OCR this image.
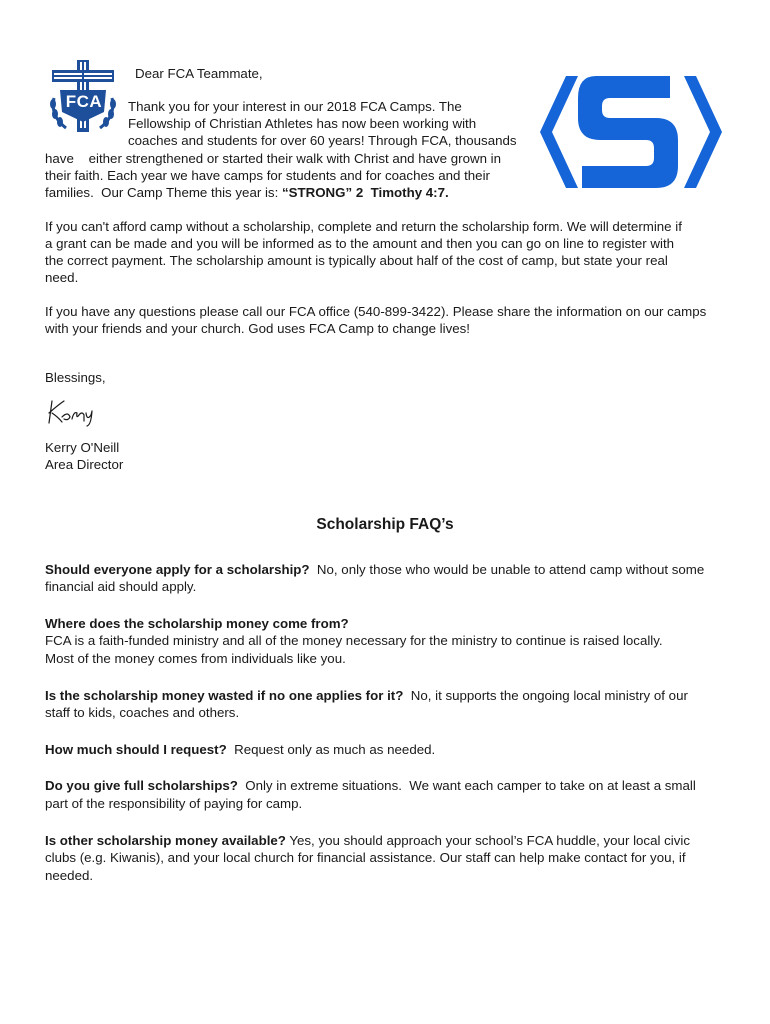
FCA
Dear FCA Teammate,
Thank you for your interest in our 2018 FCA Camps. The
Fellowship of Christian Athletes has now been working with
coaches and students for over 60 years! Through FCA, thousands
have    either strengthened or started their walk with Christ and have grown in
their faith. Each year we have camps for students and for coaches and their
families.  Our Camp Theme this year is: “STRONG” 2  Timothy 4:7.
If you can't afford camp without a scholarship, complete and return the scholarship form. We will determine if
a grant can be made and you will be informed as to the amount and then you can go on line to register with
the correct payment. The scholarship amount is typically about half of the cost of camp, but state your real
need.
If you have any questions please call our FCA office (540-899-3422). Please share the information on our camps
with your friends and your church. God uses FCA Camp to change lives!
Blessings,
Kerry O'Neill
Area Director
Scholarship FAQ’s
Should everyone apply for a scholarship?  No, only those who would be unable to attend camp without some
financial aid should apply.
Where does the scholarship money come from?
FCA is a faith-funded ministry and all of the money necessary for the ministry to continue is raised locally.
Most of the money comes from individuals like you.
Is the scholarship money wasted if no one applies for it?  No, it supports the ongoing local ministry of our
staff to kids, coaches and others.
How much should I request?  Request only as much as needed.
Do you give full scholarships?  Only in extreme situations.  We want each camper to take on at least a small
part of the responsibility of paying for camp.
Is other scholarship money available? Yes, you should approach your school’s FCA huddle, your local civic
clubs (e.g. Kiwanis), and your local church for financial assistance. Our staff can help make contact for you, if
needed.
